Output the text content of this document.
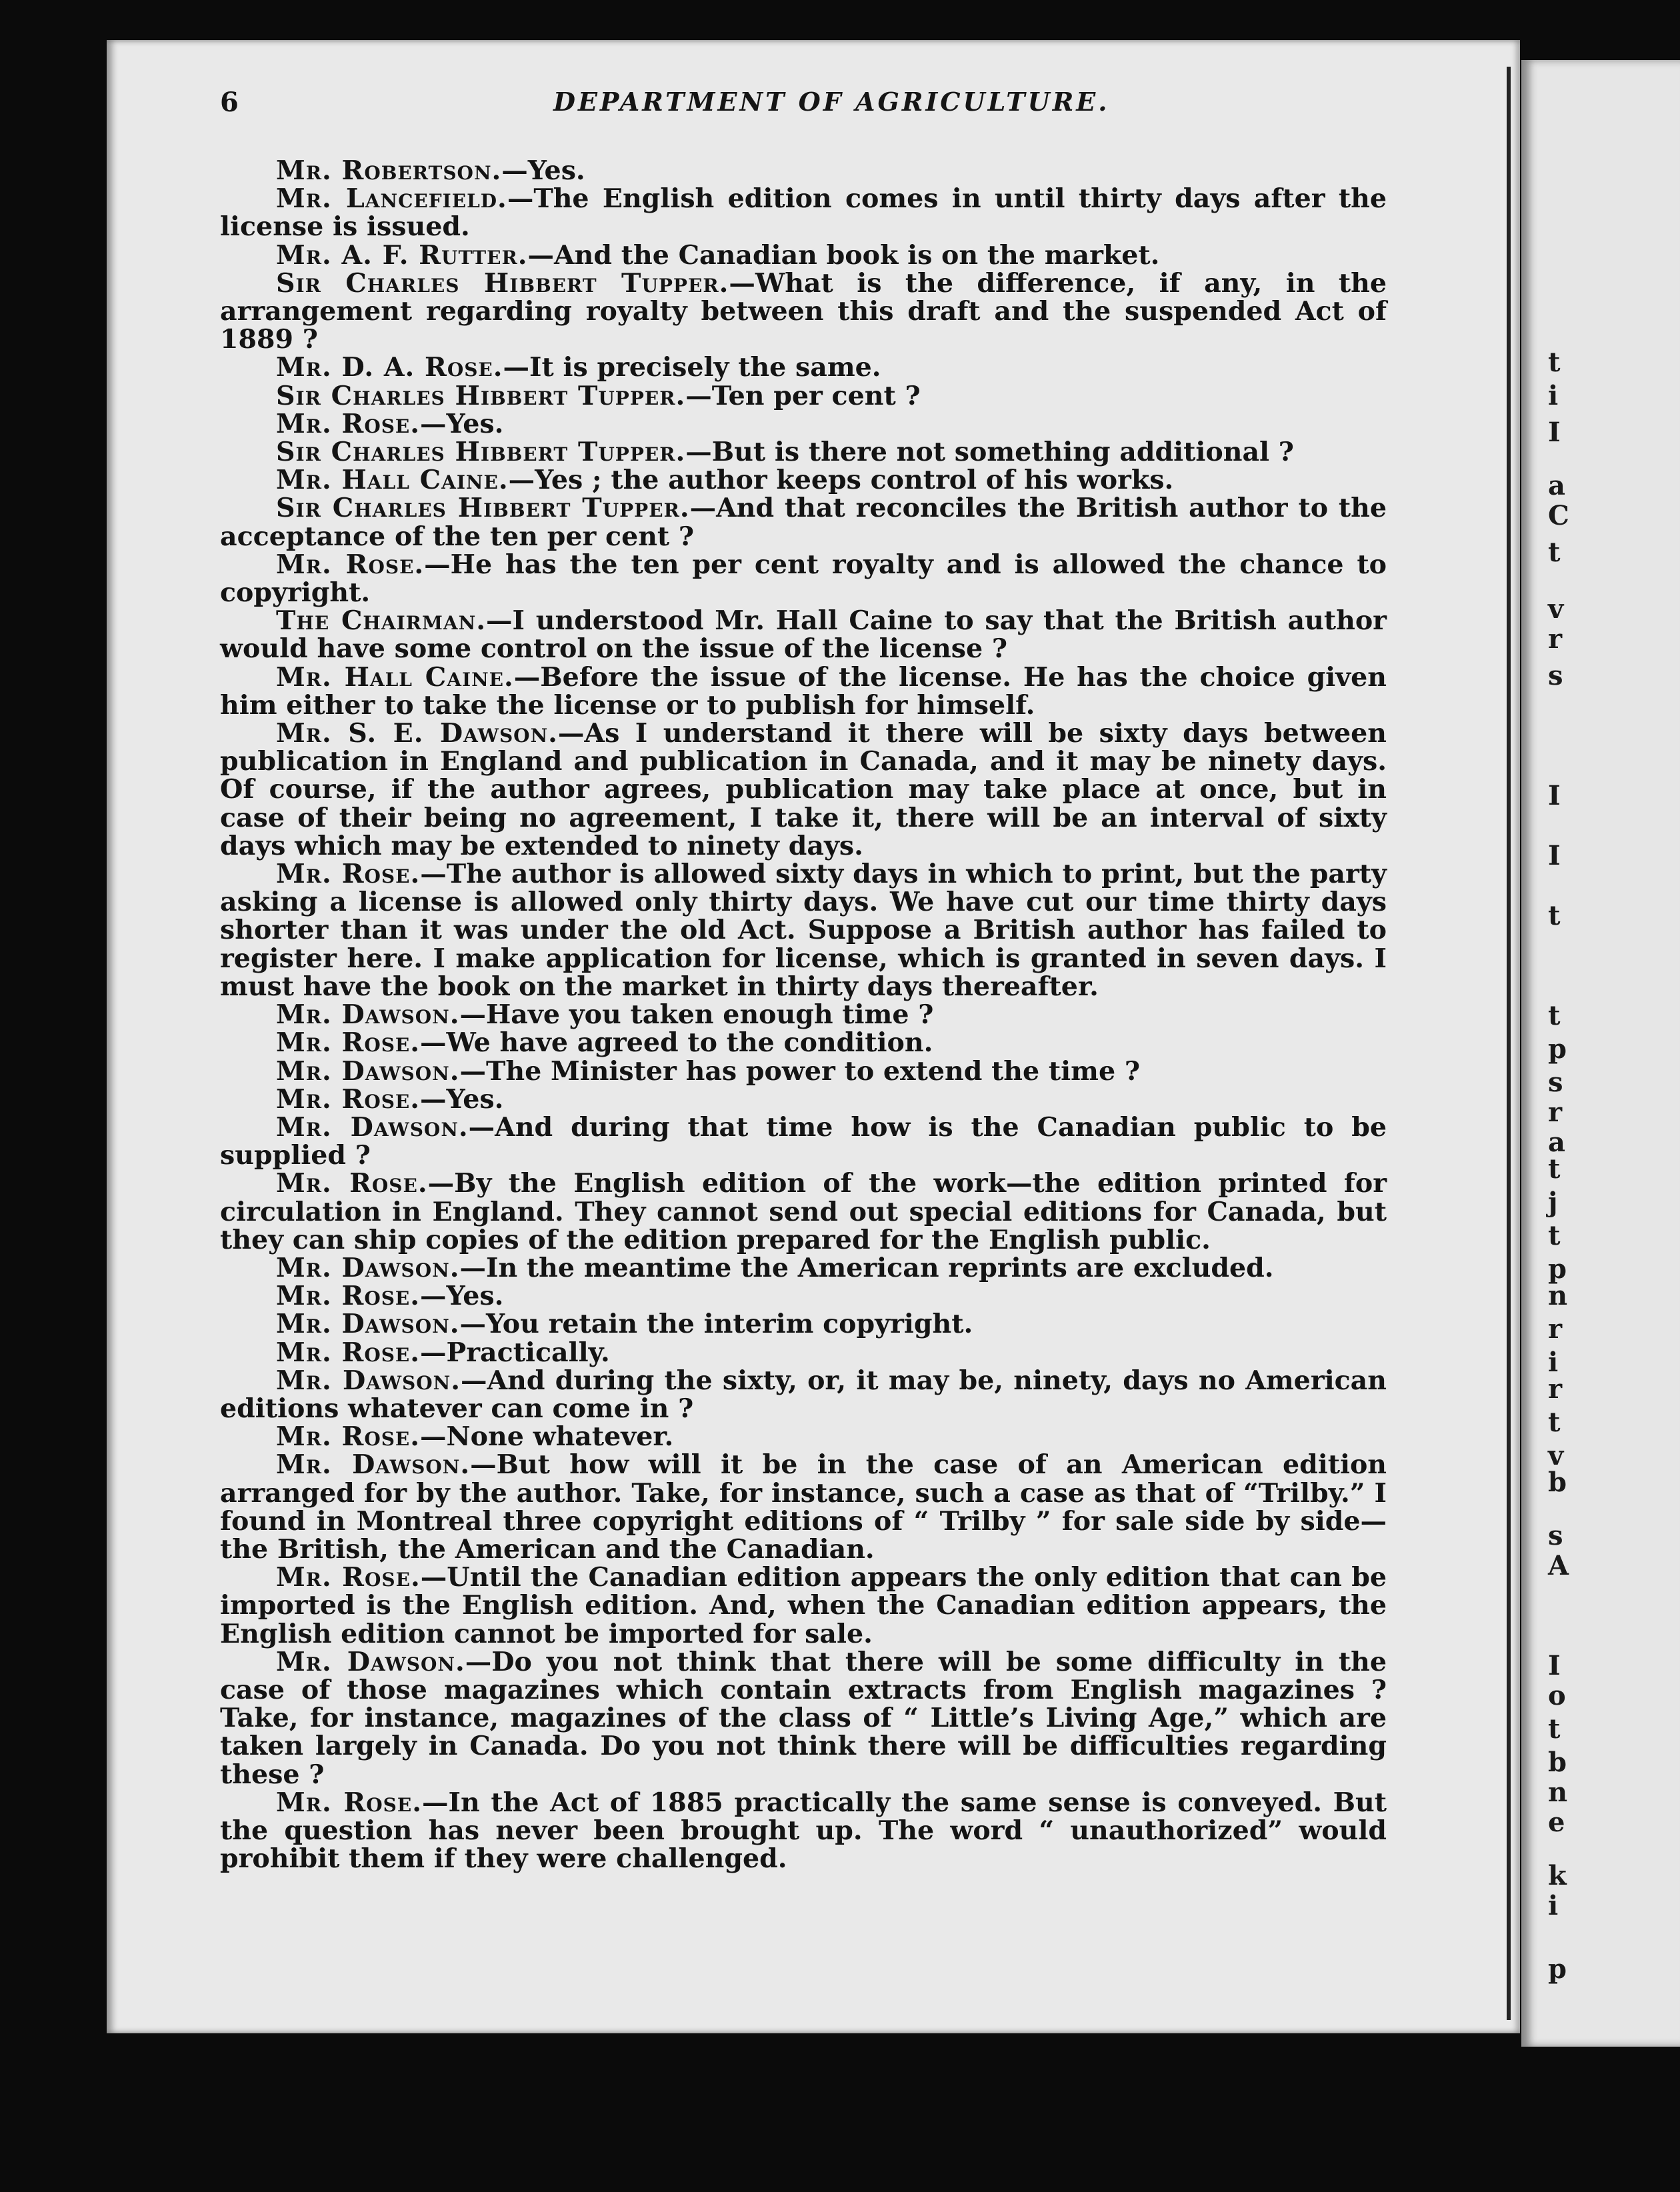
t
i
I
a
C
t
v
r
s
I
I
t
t
p
s
r
a
t
j
t
p
n
r
i
r
t
v
b
s
A
I
o
t
b
n
e
k
i
p
6	DEPARTMENT OF AGRICULTURE.

Mr. Robertson.—Yes.

Mr. Lancefield.—The English edition comes in until thirty days after the license is issued.

Mr. A. F. Rutter.—And the Canadian book is on the market.

Sir Charles Hibbert Tupper.—What is the difference, if any, in the arrangement regarding royalty between this draft and the suspended Act of 1889 ?

Mr. D. A. Rose.—It is precisely the same.

Sir Charles Hibbert Tupper.—Ten per cent ?

Mr. Rose.—Yes.

Sir Charles Hibbert Tupper.—But is there not something additional ?

Mr. Hall Caine.—Yes ; the author keeps control of his works.

Sir Charles Hibbert Tupper.—And that reconciles the British author to the acceptance of the ten per cent ?

Mr. Rose.—He has the ten per cent royalty and is allowed the chance to copyright.

The Chairman.—I understood Mr. Hall Caine to say that the British author would have some control on the issue of the license ?

Mr. Hall Caine.—Before the issue of the license. He has the choice given him either to take the license or to publish for himself.

Mr. S. E. Dawson.—As I understand it there will be sixty days between publication in England and publication in Canada, and it may be ninety days. Of course, if the author agrees, publication may take place at once, but in case of their being no agreement, I take it, there will be an interval of sixty days which may be extended to ninety days.

Mr. Rose.—The author is allowed sixty days in which to print, but the party asking a license is allowed only thirty days. We have cut our time thirty days shorter than it was under the old Act. Suppose a British author has failed to register here. I make application for license, which is granted in seven days. I must have the book on the market in thirty days thereafter.

Mr. Dawson.—Have you taken enough time ?

Mr. Rose.—We have agreed to the condition.

Mr. Dawson.—The Minister has power to extend the time ?

Mr. Rose.—Yes.

Mr. Dawson.—And during that time how is the Canadian public to be supplied ?

Mr. Rose.—By the English edition of the work—the edition printed for circulation in England. They cannot send out special editions for Canada, but they can ship copies of the edition prepared for the English public.

Mr. Dawson.—In the meantime the American reprints are excluded.

Mr. Rose.—Yes.

Mr. Dawson.—You retain the interim copyright.

Mr. Rose.—Practically.

Mr. Dawson.—And during the sixty, or, it may be, ninety, days no American editions whatever can come in ?

Mr. Rose.—None whatever.

Mr. Dawson.—But how will it be in the case of an American edition arranged for by the author. Take, for instance, such a case as that of “Trilby.” I found in Montreal three copyright editions of “ Trilby ” for sale side by side—the British, the American and the Canadian.

Mr. Rose.—Until the Canadian edition appears the only edition that can be imported is the English edition. And, when the Canadian edition appears, the English edition cannot be imported for sale.

Mr. Dawson.—Do you not think that there will be some difficulty in the case of those magazines which contain extracts from English magazines ? Take, for instance, magazines of the class of “ Little’s Living Age,” which are taken largely in Canada. Do you not think there will be difficulties regarding these ?

Mr. Rose.—In the Act of 1885 practically the same sense is conveyed. But the question has never been brought up. The word “ unauthorized” would prohibit them if they were challenged.
